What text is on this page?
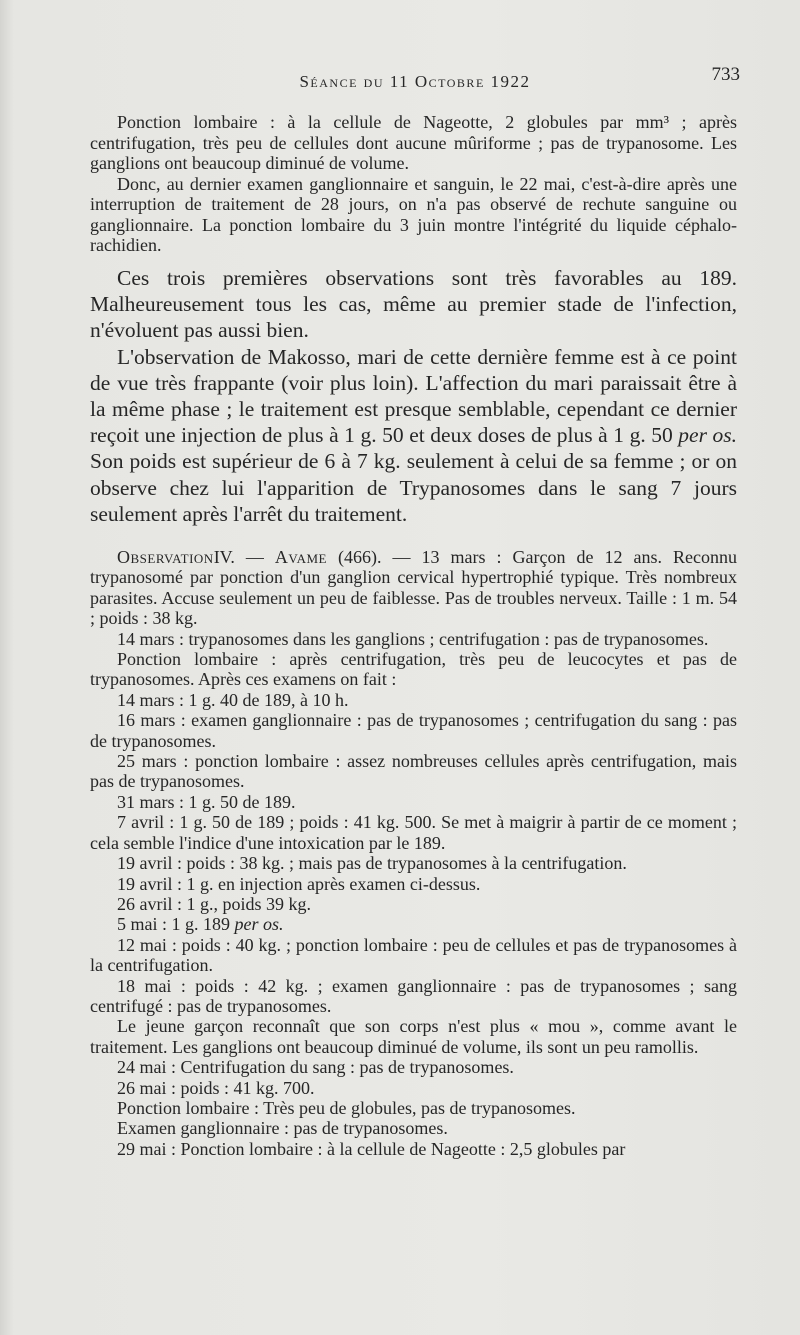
Séance du 11 Octobre 1922	733

Ponction lombaire : à la cellule de Nageotte, 2 globules par mm³ ; après centrifugation, très peu de cellules dont aucune mûriforme ; pas de trypanosome. Les ganglions ont beaucoup diminué de volume.

Donc, au dernier examen ganglionnaire et sanguin, le 22 mai, c'est-à-dire après une interruption de traitement de 28 jours, on n'a pas observé de rechute sanguine ou ganglionnaire. La ponction lombaire du 3 juin montre l'intégrité du liquide céphalo-rachidien.

Ces trois premières observations sont très favorables au 189. Malheureusement tous les cas, même au premier stade de l'infection, n'évoluent pas aussi bien.

L'observation de Makosso, mari de cette dernière femme est à ce point de vue très frappante (voir plus loin). L'affection du mari paraissait être à la même phase ; le traitement est presque semblable, cependant ce dernier reçoit une injection de plus à 1 g. 50 et deux doses de plus à 1 g. 50 per os. Son poids est supérieur de 6 à 7 kg. seulement à celui de sa femme ; or on observe chez lui l'apparition de Trypanosomes dans le sang 7 jours seulement après l'arrêt du traitement.

ObservationIV. — Avame (466). — 13 mars : Garçon de 12 ans. Reconnu trypanosomé par ponction d'un ganglion cervical hypertrophié typique. Très nombreux parasites. Accuse seulement un peu de faiblesse. Pas de troubles nerveux. Taille : 1 m. 54 ; poids : 38 kg.

14 mars : trypanosomes dans les ganglions ; centrifugation : pas de trypanosomes.

Ponction lombaire : après centrifugation, très peu de leucocytes et pas de trypanosomes. Après ces examens on fait :

14 mars : 1 g. 40 de 189, à 10 h.

16 mars : examen ganglionnaire : pas de trypanosomes ; centrifugation du sang : pas de trypanosomes.

25 mars : ponction lombaire : assez nombreuses cellules après centrifugation, mais pas de trypanosomes.

31 mars : 1 g. 50 de 189.

7 avril : 1 g. 50 de 189 ; poids : 41 kg. 500. Se met à maigrir à partir de ce moment ; cela semble l'indice d'une intoxication par le 189.

19 avril : poids : 38 kg. ; mais pas de trypanosomes à la centrifugation.

19 avril : 1 g. en injection après examen ci-dessus.

26 avril : 1 g., poids 39 kg.

5 mai : 1 g. 189 per os.

12 mai : poids : 40 kg. ; ponction lombaire : peu de cellules et pas de trypanosomes à la centrifugation.

18 mai : poids : 42 kg. ; examen ganglionnaire : pas de trypanosomes ; sang centrifugé : pas de trypanosomes.

Le jeune garçon reconnaît que son corps n'est plus « mou », comme avant le traitement. Les ganglions ont beaucoup diminué de volume, ils sont un peu ramollis.

24 mai : Centrifugation du sang : pas de trypanosomes.

26 mai : poids : 41 kg. 700.

Ponction lombaire : Très peu de globules, pas de trypanosomes.

Examen ganglionnaire : pas de trypanosomes.

29 mai : Ponction lombaire : à la cellule de Nageotte : 2,5 globules par
